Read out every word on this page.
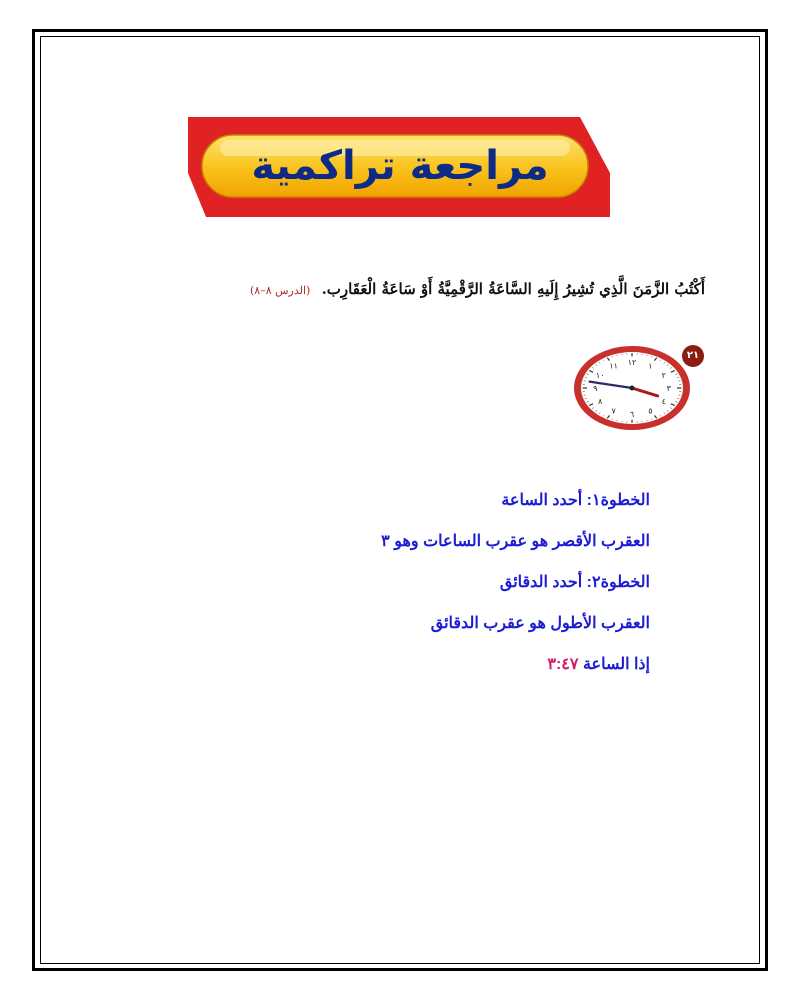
مراجعة تراكمية
أَكْتُبُ الزَّمَنَ الَّذِي تُشِيرُ إِلَيهِ السَّاعَةُ الرَّقْمِيَّةُ أَوْ سَاعَةُ الْعَقَارِب. (الدرس ٨–٨)
٢١
١٢ ١
٢
٣
٤
٥
٦
٧
٨
٩
١٠
١١
الخطوة١: أحدد الساعة
العقرب الأقصر هو عقرب الساعات وهو ٣
الخطوة٢: أحدد الدقائق
العقرب الأطول هو عقرب الدقائق
إذا الساعة ٣:٤٧
